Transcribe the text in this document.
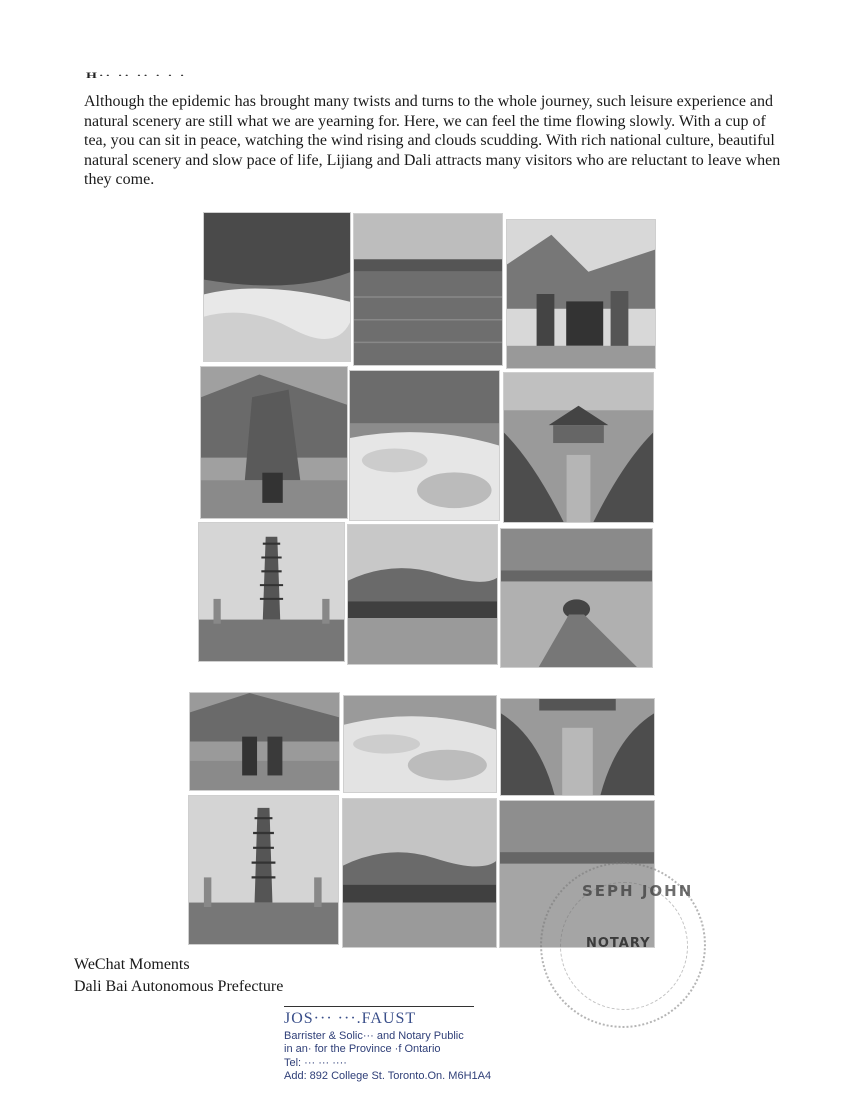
H·· ·· ·· · · ·

Although the epidemic has brought many twists and turns to the whole journey, such leisure experience and natural scenery are still what we are yearning for. Here, we can feel the time flowing slowly. With a cup of tea, you can sit in peace, watching the wind rising and clouds scudding. With rich national culture, beautiful natural scenery and slow pace of life, Lijiang and Dali attracts many visitors who are reluctant to leave when they come.

SEPH JOHN
NOTARY
WeChat Moments
Dali Bai Autonomous Prefecture
JOS··· ···.FAUST
Barrister & Solic··· and Notary Public
in an· for the Province ·f Ontario
Tel: ··· ··· ····
Add: 892 College St. Toronto.On. M6H1A4
